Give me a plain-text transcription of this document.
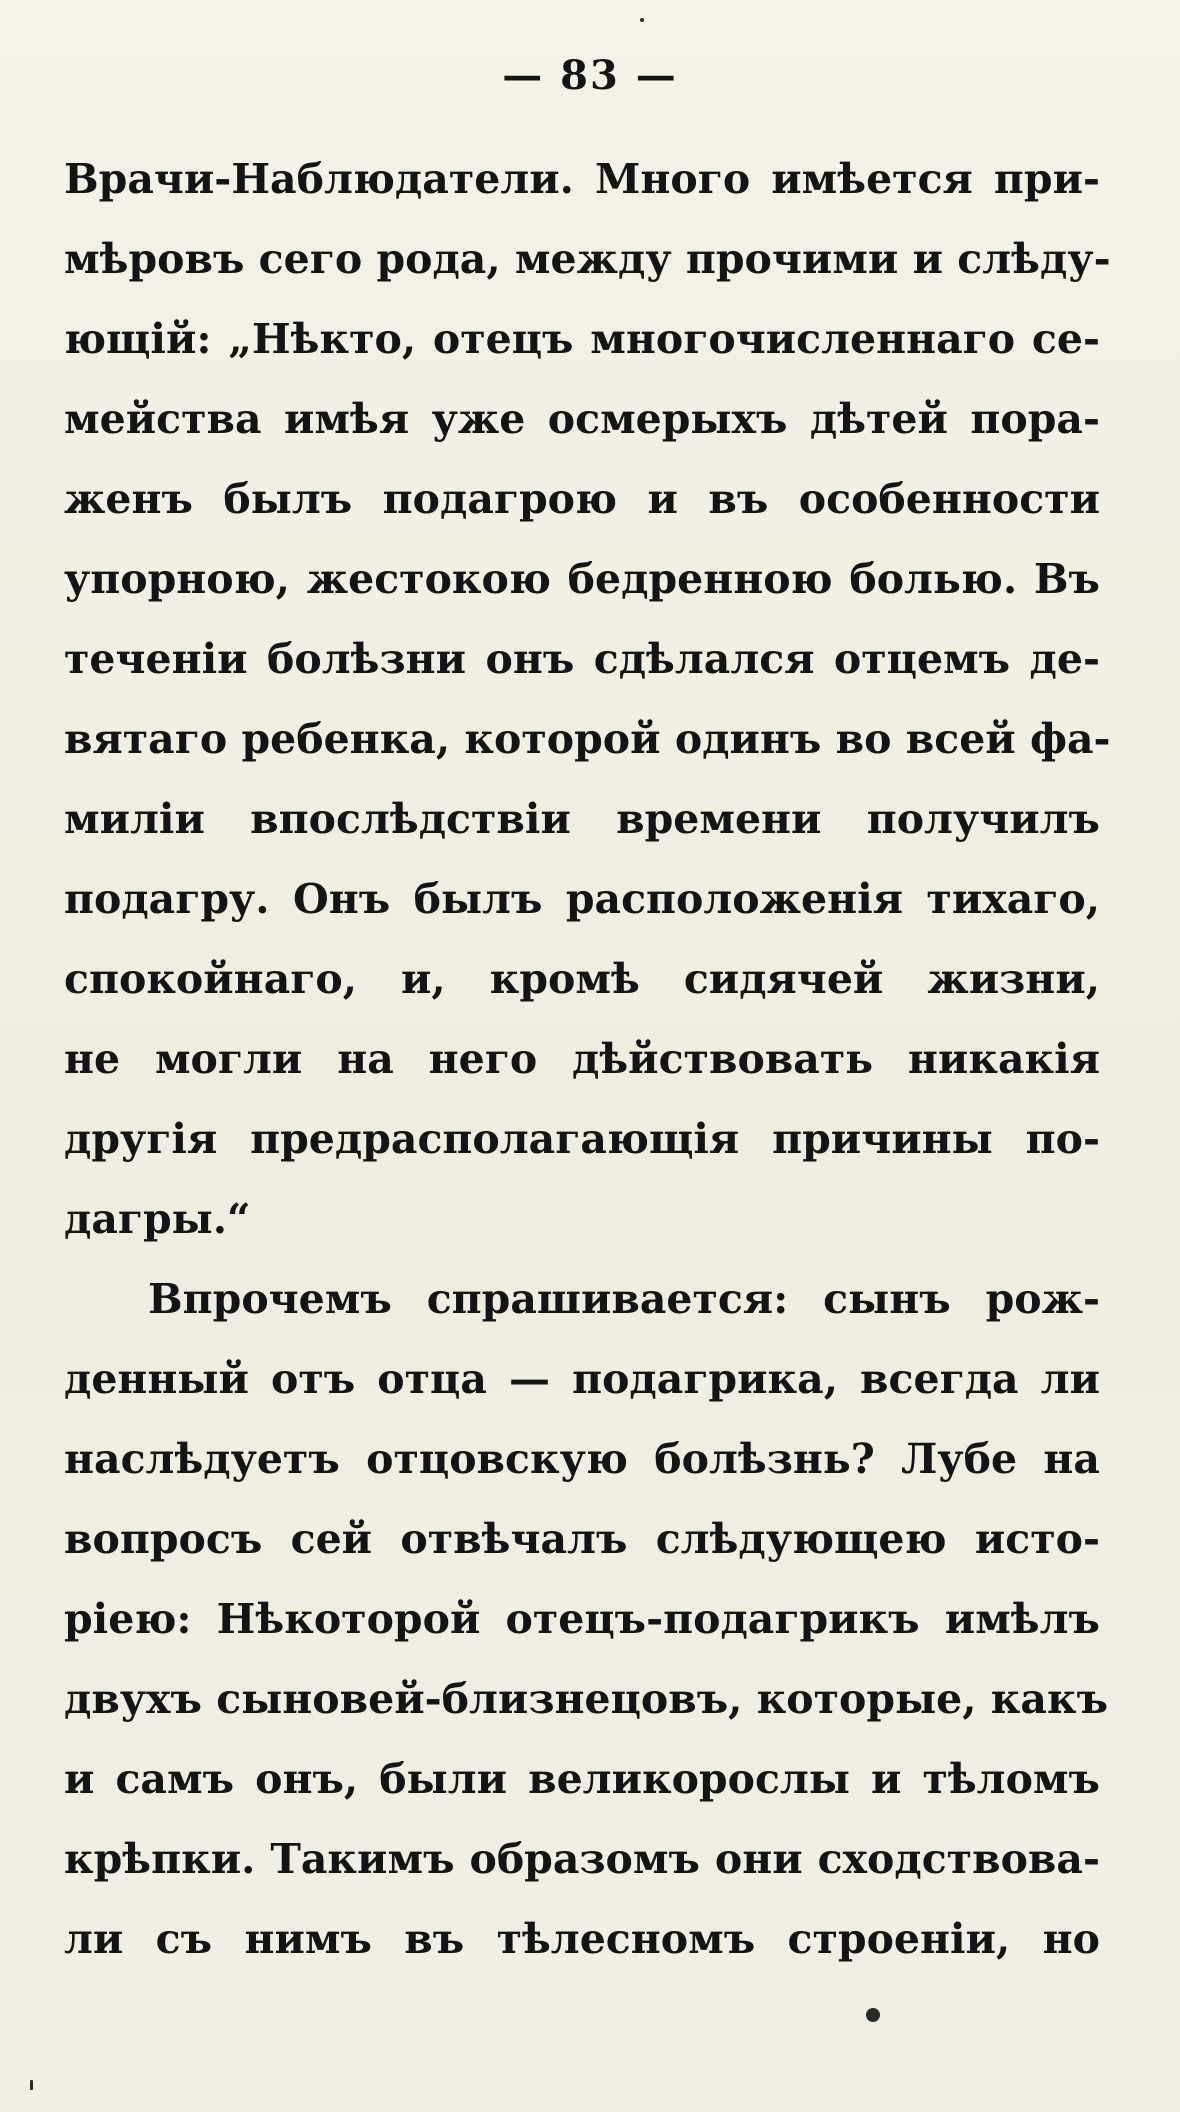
— 83 —
Врачи-Наблюдатели. Много имѣется при-
мѣровъ сего рода, между прочими и слѣду-
ющій: „Нѣкто, отецъ многочисленнаго се-
мейства имѣя уже осмерыхъ дѣтей пора-
женъ былъ подагрою и въ особенности
упорною, жестокою бедренною болью. Въ
теченіи болѣзни онъ сдѣлался отцемъ де-
вятаго ребенка, которой одинъ во всей фа-
миліи впослѣдствіи времени получилъ
подагру. Онъ былъ расположенія тихаго,
спокойнаго, и, кромѣ сидячей жизни,
не могли на него дѣйствовать никакія
другія предрасполагающія причины по-
дагры.“
Впрочемъ спрашивается: сынъ рож-
денный отъ отца — подагрика, всегда ли
наслѣдуетъ отцовскую болѣзнь? Лубе на
вопросъ сей отвѣчалъ слѣдующею исто-
ріею: Нѣкоторой отецъ-подагрикъ имѣлъ
двухъ сыновей-близнецовъ, которые, какъ
и самъ онъ, были великорослы и тѣломъ
крѣпки. Такимъ образомъ они сходствова-
ли съ нимъ въ тѣлесномъ строеніи, но
